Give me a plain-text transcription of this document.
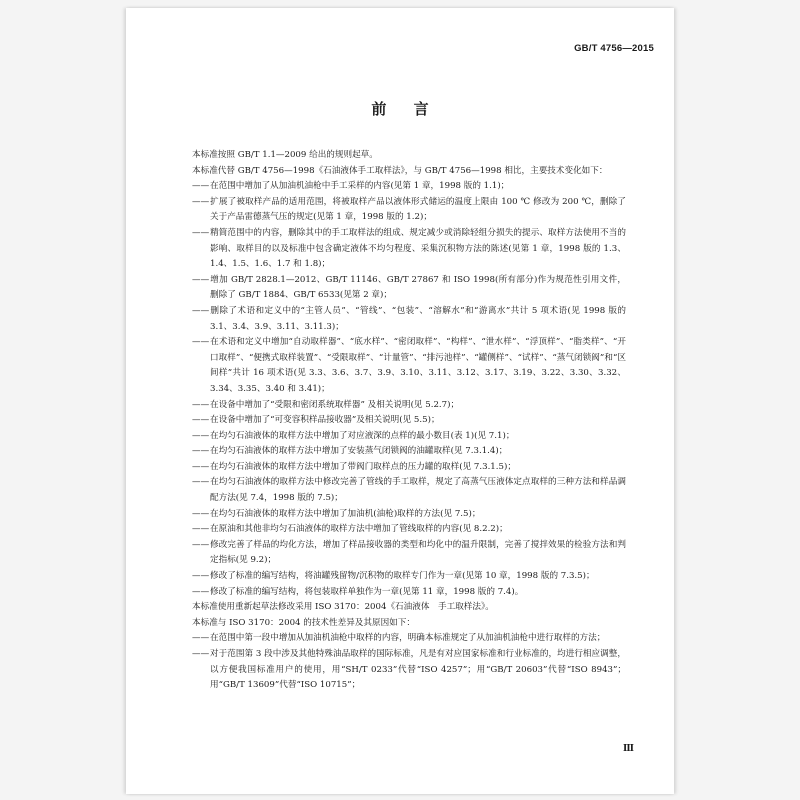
GB/T 4756—2015
前 言

本标准按照 GB/T 1.1—2009 给出的规则起草。

本标准代替 GB/T 4756—1998《石油液体手工取样法》，与 GB/T 4756—1998 相比，主要技术变化如下：

——在范围中增加了从加油机油枪中手工采样的内容(见第 1 章，1998 版的 1.1)；

——扩展了被取样产品的适用范围，将被取样产品以液体形式储运的温度上限由 100 ℃ 修改为 200 ℃，删除了关于产品雷德蒸气压的规定(见第 1 章，1998 版的 1.2)；

——精简范围中的内容，删除其中的手工取样法的组成、规定减少或消除轻组分损失的提示、取样方法使用不当的影响、取样目的以及标准中包含确定液体不均匀程度、采集沉积物方法的陈述(见第 1 章，1998 版的 1.3、1.4、1.5、1.6、1.7 和 1.8)；

——增加 GB/T 2828.1—2012、GB/T 11146、GB/T 27867 和 ISO 1998(所有部分)作为规范性引用文件，删除了 GB/T 1884、GB/T 6533(见第 2 章)；

——删除了术语和定义中的“主管人员”、“管线”、“包装”、“溶解水”和“游离水”共计 5 项术语(见 1998 版的 3.1、3.4、3.9、3.11、3.11.3)；

——在术语和定义中增加“自动取样器”、“底水样”、“密闭取样”、“构样”、“泄水样”、“浮顶样”、“脂类样”、“开口取样”、“便携式取样装置”、“受限取样”、“计量管”、“排污池样”、“罐侧样”、“试样”、“蒸气闭锁阀”和“区间样”共计 16 项术语(见 3.3、3.6、3.7、3.9、3.10、3.11、3.12、3.17、3.19、3.22、3.30、3.32、3.34、3.35、3.40 和 3.41)；

——在设备中增加了“受限和密闭系统取样器” 及相关说明(见 5.2.7)；

——在设备中增加了“可变容积样品接收器”及相关说明(见 5.5)；

——在均匀石油液体的取样方法中增加了对应液深的点样的最小数目(表 1)(见 7.1)；

——在均匀石油液体的取样方法中增加了安装蒸气闭锁阀的油罐取样(见 7.3.1.4)；

——在均匀石油液体的取样方法中增加了带阀门取样点的压力罐的取样(见 7.3.1.5)；

——在均匀石油液体的取样方法中修改完善了管线的手工取样，规定了高蒸气压液体定点取样的三种方法和样品调配方法(见 7.4，1998 版的 7.5)；

——在均匀石油液体的取样方法中增加了加油机(油枪)取样的方法(见 7.5)；

——在原油和其他非均匀石油液体的取样方法中增加了管线取样的内容(见 8.2.2)；

——修改完善了样品的均化方法，增加了样品接收器的类型和均化中的温升限制，完善了搅拌效果的检验方法和判定指标(见 9.2)；

——修改了标准的编写结构，将油罐残留物/沉积物的取样专门作为一章(见第 10 章，1998 版的 7.3.5)；

——修改了标准的编写结构，将包装取样单独作为一章(见第 11 章，1998 版的 7.4)。

本标准使用重新起草法修改采用 ISO 3170：2004《石油液体　手工取样法》。

本标准与 ISO 3170：2004 的技术性差异及其原因如下：

——在范围中第一段中增加从加油机油枪中取样的内容，明确本标准规定了从加油机油枪中进行取样的方法；

——对于范围第 3 段中涉及其他特殊油品取样的国际标准，凡是有对应国家标准和行业标准的，均进行相应调整，以方便我国标准用户的使用，用“SH/T 0233”代替“ISO 4257”；用“GB/T 20603”代替“ISO 8943”；用“GB/T 13609”代替“ISO 10715”；

Ⅲ
